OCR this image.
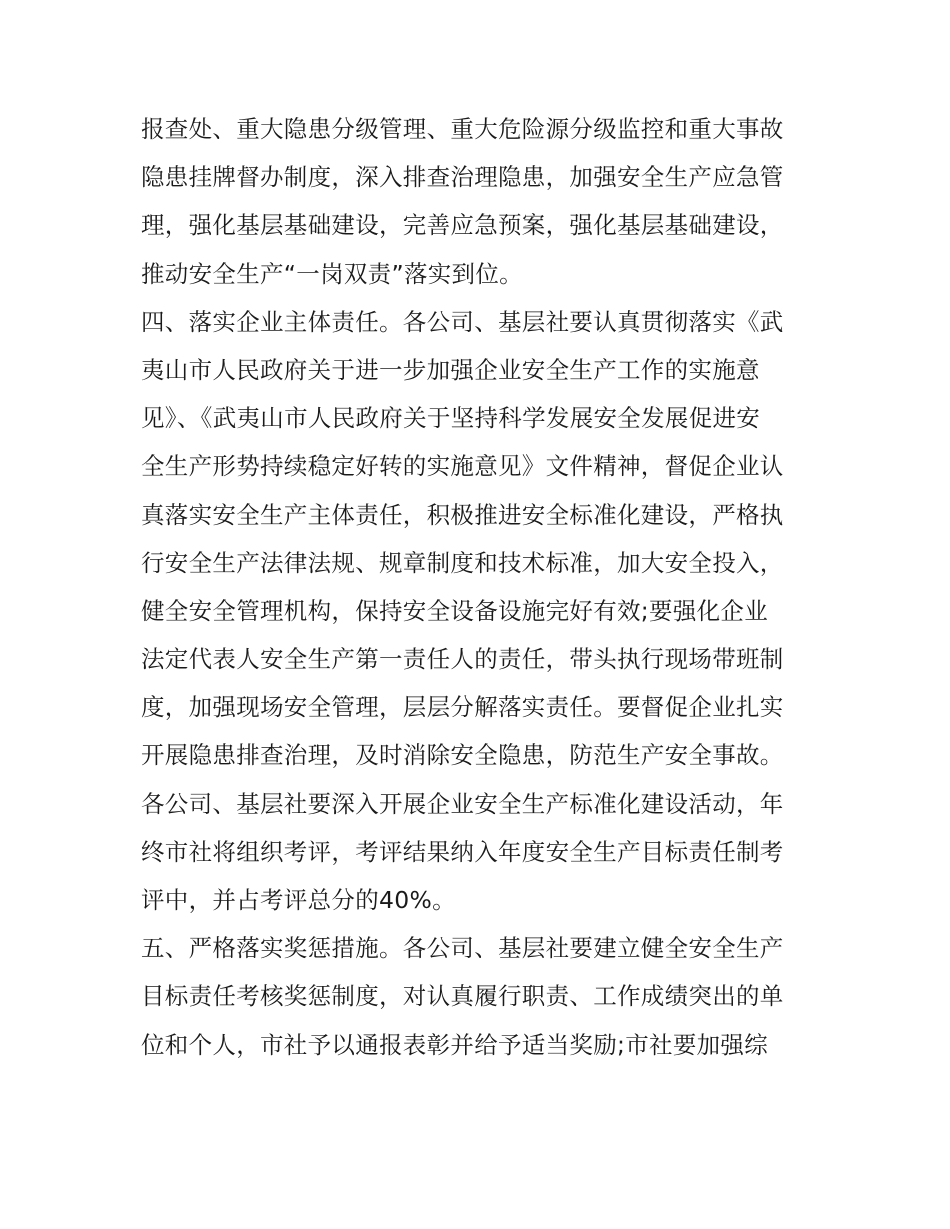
报查处、重大隐患分级管理、重大危险源分级监控和重大事故
隐患挂牌督办制度，深入排查治理隐患，加强安全生产应急管
理，强化基层基础建设，完善应急预案，强化基层基础建设，
推动安全生产“一岗双责”落实到位。
四、落实企业主体责任。各公司、基层社要认真贯彻落实《武
夷山市人民政府关于进一步加强企业安全生产工作的实施意
见》、《武夷山市人民政府关于坚持科学发展安全发展促进安
全生产形势持续稳定好转的实施意见》文件精神，督促企业认
真落实安全生产主体责任，积极推进安全标准化建设，严格执
行安全生产法律法规、规章制度和技术标准，加大安全投入，
健全安全管理机构，保持安全设备设施完好有效;要强化企业
法定代表人安全生产第一责任人的责任，带头执行现场带班制
度，加强现场安全管理，层层分解落实责任。要督促企业扎实
开展隐患排查治理，及时消除安全隐患，防范生产安全事故。
各公司、基层社要深入开展企业安全生产标准化建设活动，年
终市社将组织考评，考评结果纳入年度安全生产目标责任制考
评中，并占考评总分的40%。
五、严格落实奖惩措施。各公司、基层社要建立健全安全生产
目标责任考核奖惩制度，对认真履行职责、工作成绩突出的单
位和个人，市社予以通报表彰并给予适当奖励;市社要加强综
